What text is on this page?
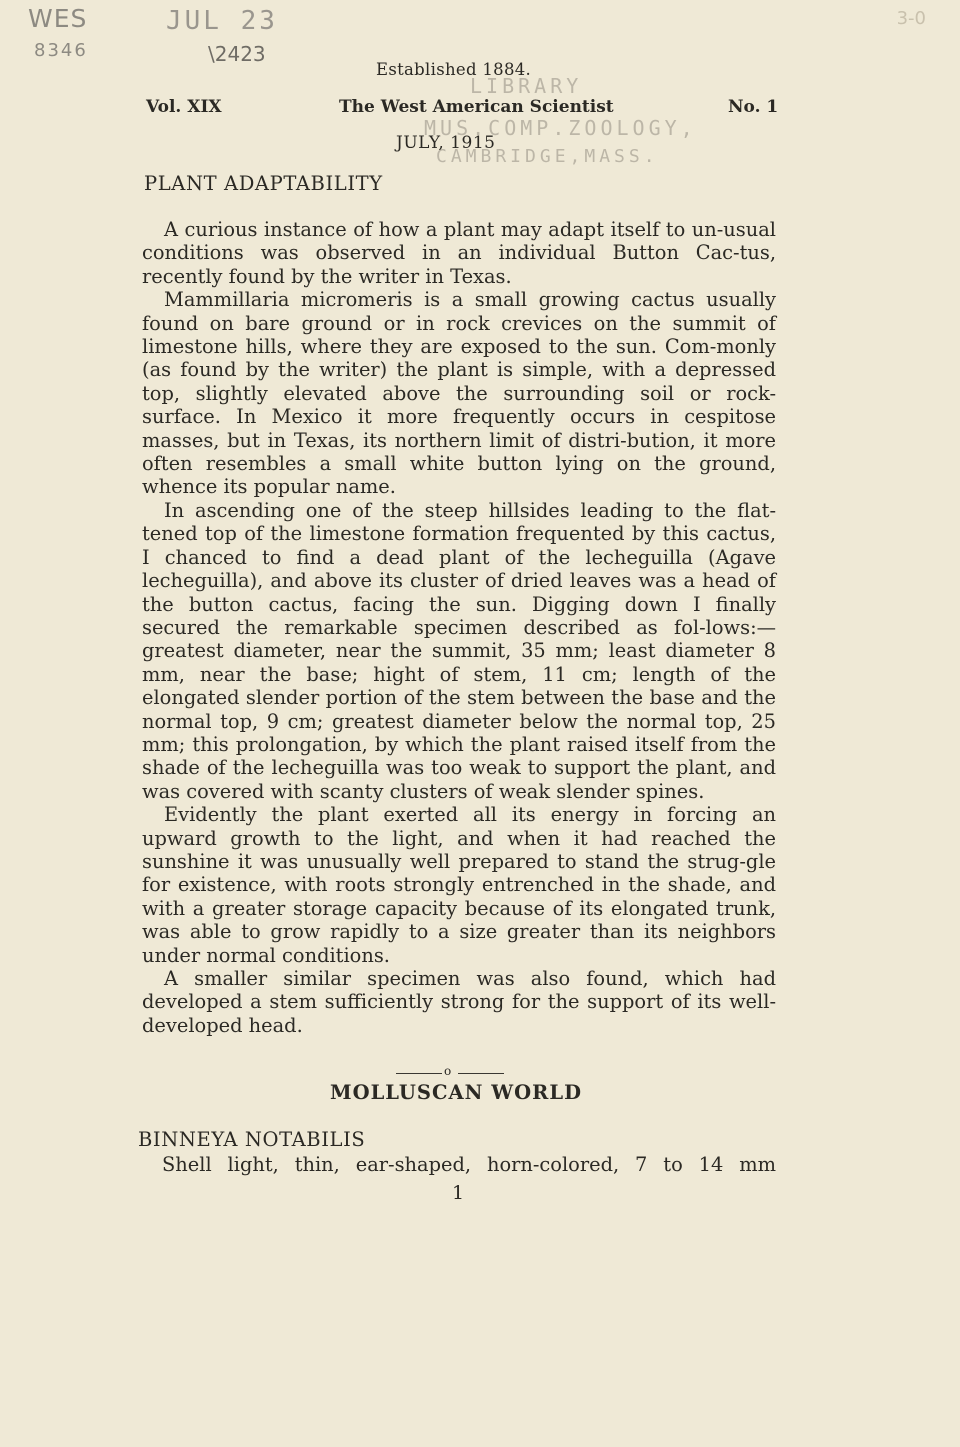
WES
8346
JUL 23
\2423
3-0
LIBRARY
MUS.COMP.ZOOLOGY,
CAMBRIDGE,MASS.
Established 1884.
Vol. XIX	The West American Scientist	No. 1
JULY, 1915
PLANT ADAPTABILITY

A curious instance of how a plant may adapt itself to un-usual conditions was observed in an individual Button Cac-tus, recently found by the writer in Texas.

Mammillaria micromeris is a small growing cactus usually found on bare ground or in rock crevices on the summit of limestone hills, where they are exposed to the sun. Com-monly (as found by the writer) the plant is simple, with a depressed top, slightly elevated above the surrounding soil or rock-surface. In Mexico it more frequently occurs in cespitose masses, but in Texas, its northern limit of distri-bution, it more often resembles a small white button lying on the ground, whence its popular name.

In ascending one of the steep hillsides leading to the flat-tened top of the limestone formation frequented by this cactus, I chanced to find a dead plant of the lecheguilla (Agave lecheguilla), and above its cluster of dried leaves was a head of the button cactus, facing the sun. Digging down I finally secured the remarkable specimen described as fol-lows:—greatest diameter, near the summit, 35 mm; least diameter 8 mm, near the base; hight of stem, 11 cm; length of the elongated slender portion of the stem between the base and the normal top, 9 cm; greatest diameter below the normal top, 25 mm; this prolongation, by which the plant raised itself from the shade of the lecheguilla was too weak to support the plant, and was covered with scanty clusters of weak slender spines.

Evidently the plant exerted all its energy in forcing an upward growth to the light, and when it had reached the sunshine it was unusually well prepared to stand the strug-gle for existence, with roots strongly entrenched in the shade, and with a greater storage capacity because of its elongated trunk, was able to grow rapidly to a size greater than its neighbors under normal conditions.

A smaller similar specimen was also found, which had developed a stem sufficiently strong for the support of its well-developed head.

o
MOLLUSCAN WORLD
BINNEYA NOTABILIS
Shell light, thin, ear-shaped, horn-colored, 7 to 14 mm
1
